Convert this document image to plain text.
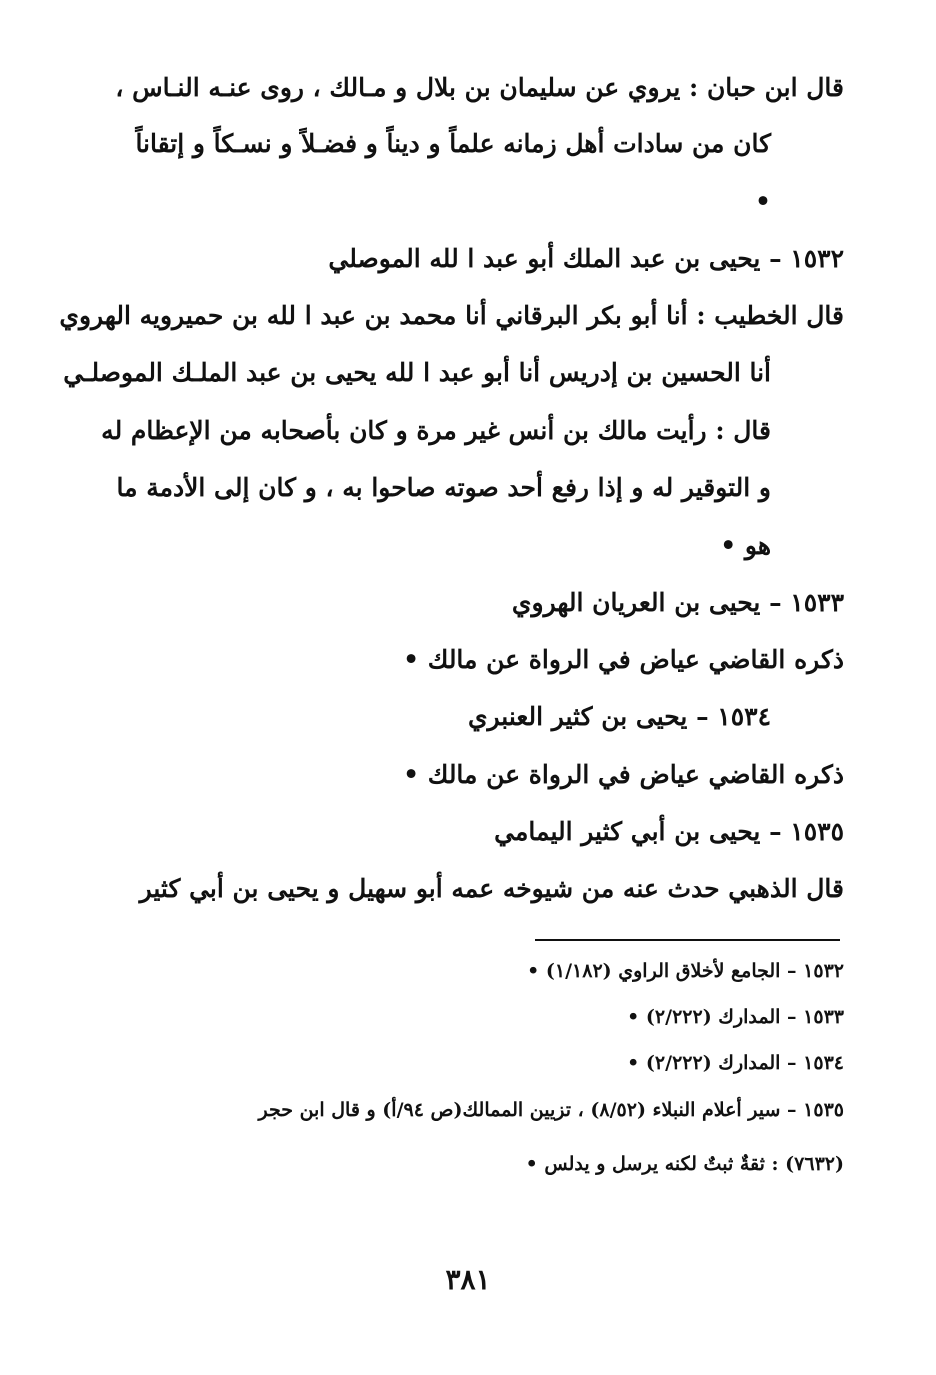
قال ابن حبان : يروي عن سليمان بن بلال و مـالك ، روى عنـه النـاس ،
كان من سادات أهل زمانه علماً و ديناً و فضـلاً و نسـكاً و إتقاناً
•
١٥٣٢ – يحيى بن عبد الملك أبو عبد ا لله الموصلي
قال الخطيب : أنا أبو بكر البرقاني أنا محمد بن عبد ا لله بن حميرويه الهروي
أنا الحسين بن إدريس أنا أبو عبد ا لله يحيى بن عبد الملـك الموصلـي
قال : رأيت مالك بن أنس غير مرة و كان بأصحابه من الإعظام له
و التوقير له و إذا رفع أحد صوته صاحوا به ، و كان إلى الأدمة ما
هو •
١٥٣٣ – يحيى بن العريان الهروي
ذكره القاضي عياض في الرواة عن مالك •
١٥٣٤ – يحيى بن كثير العنبري
ذكره القاضي عياض في الرواة عن مالك •
١٥٣٥ – يحيى بن أبي كثير اليمامي
قال الذهبي حدث عنه من شيوخه عمه أبو سهيل و يحيى بن أبي كثير
١٥٣٢ – الجامع لأخلاق الراوي (١/١٨٢) •
١٥٣٣ – المدارك (٢/٢٢٢) •
١٥٣٤ – المدارك (٢/٢٢٢) •
١٥٣٥ – سير أعلام النبلاء (٨/٥٢) ، تزيين الممالك(ص ٩٤/أ) و قال ابن حجر
(٧٦٣٢) : ثقةٌ ثبتٌ لكنه يرسل و يدلس •
٣٨١
